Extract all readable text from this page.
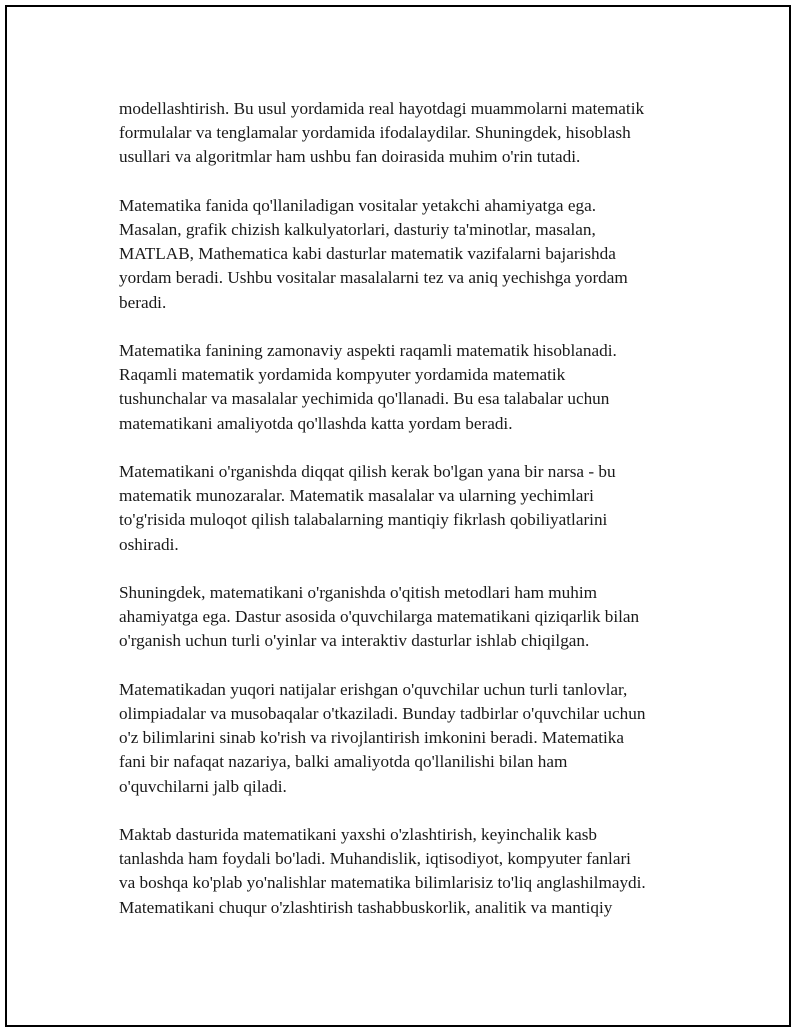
modellashtirish. Bu usul yordamida real hayotdagi muammolarni matematik
formulalar va tenglamalar yordamida ifodalaydilar. Shuningdek, hisoblash
usullari va algoritmlar ham ushbu fan doirasida muhim o'rin tutadi.

Matematika fanida qo'llaniladigan vositalar yetakchi ahamiyatga ega.
Masalan, grafik chizish kalkulyatorlari, dasturiy ta'minotlar, masalan,
MATLAB, Mathematica kabi dasturlar matematik vazifalarni bajarishda
yordam beradi. Ushbu vositalar masalalarni tez va aniq yechishga yordam
beradi.

Matematika fanining zamonaviy aspekti raqamli matematik hisoblanadi.
Raqamli matematik yordamida kompyuter yordamida matematik
tushunchalar va masalalar yechimida qo'llanadi. Bu esa talabalar uchun
matematikani amaliyotda qo'llashda katta yordam beradi.

Matematikani o'rganishda diqqat qilish kerak bo'lgan yana bir narsa - bu
matematik munozaralar. Matematik masalalar va ularning yechimlari
to'g'risida muloqot qilish talabalarning mantiqiy fikrlash qobiliyatlarini
oshiradi.

Shuningdek, matematikani o'rganishda o'qitish metodlari ham muhim
ahamiyatga ega. Dastur asosida o'quvchilarga matematikani qiziqarlik bilan
o'rganish uchun turli o'yinlar va interaktiv dasturlar ishlab chiqilgan.

Matematikadan yuqori natijalar erishgan o'quvchilar uchun turli tanlovlar,
olimpiadalar va musobaqalar o'tkaziladi. Bunday tadbirlar o'quvchilar uchun
o'z bilimlarini sinab ko'rish va rivojlantirish imkonini beradi. Matematika
fani bir nafaqat nazariya, balki amaliyotda qo'llanilishi bilan ham
o'quvchilarni jalb qiladi.

Maktab dasturida matematikani yaxshi o'zlashtirish, keyinchalik kasb
tanlashda ham foydali bo'ladi. Muhandislik, iqtisodiyot, kompyuter fanlari
va boshqa ko'plab yo'nalishlar matematika bilimlarisiz to'liq anglashilmaydi.
Matematikani chuqur o'zlashtirish tashabbuskorlik, analitik va mantiqiy
